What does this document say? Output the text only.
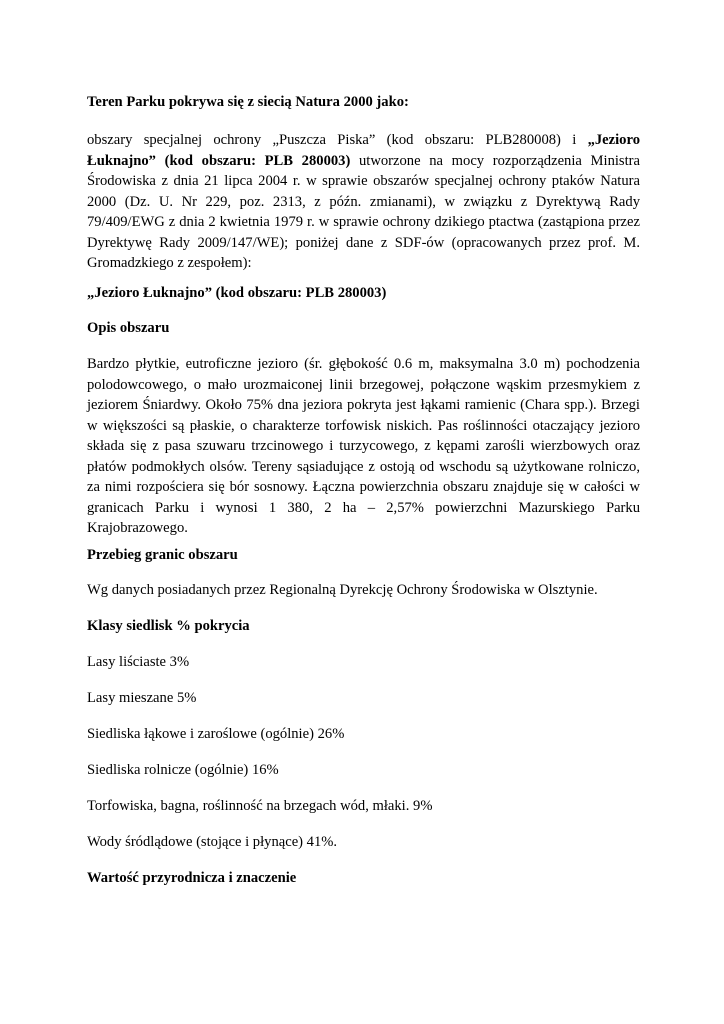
Teren Parku pokrywa się z siecią Natura 2000 jako:

obszary specjalnej ochrony „Puszcza Piska” (kod obszaru: PLB280008) i „Jezioro Łuknajno” (kod obszaru: PLB 280003) utworzone na mocy rozporządzenia Ministra Środowiska z dnia 21 lipca 2004 r. w sprawie obszarów specjalnej ochrony ptaków Natura 2000 (Dz. U. Nr 229, poz. 2313, z późn. zmianami), w związku z Dyrektywą Rady 79/409/EWG z dnia 2 kwietnia 1979 r. w sprawie ochrony dzikiego ptactwa (zastąpiona przez Dyrektywę Rady 2009/147/WE); poniżej dane z SDF-ów (opracowanych przez prof. M. Gromadzkiego z zespołem):

„Jezioro Łuknajno” (kod obszaru: PLB 280003)

Opis obszaru

Bardzo płytkie, eutroficzne jezioro (śr. głębokość 0.6 m, maksymalna 3.0 m) pochodzenia polodowcowego, o mało urozmaiconej linii brzegowej, połączone wąskim przesmykiem z jeziorem Śniardwy. Około 75% dna jeziora pokryta jest łąkami ramienic (Chara spp.). Brzegi w większości są płaskie, o charakterze torfowisk niskich. Pas roślinności otaczający jezioro składa się z pasa szuwaru trzcinowego i turzycowego, z kępami zarośli wierzbowych oraz płatów podmokłych olsów. Tereny sąsiadujące z ostoją od wschodu są użytkowane rolniczo, za nimi rozpościera się bór sosnowy. Łączna powierzchnia obszaru znajduje się w całości w granicach Parku i wynosi 1 380, 2 ha – 2,57% powierzchni Mazurskiego Parku Krajobrazowego.

Przebieg granic obszaru

Wg danych posiadanych przez Regionalną Dyrekcję Ochrony Środowiska w Olsztynie.

Klasy siedlisk % pokrycia

Lasy liściaste 3%

Lasy mieszane 5%

Siedliska łąkowe i zaroślowe (ogólnie) 26%

Siedliska rolnicze (ogólnie) 16%

Torfowiska, bagna, roślinność na brzegach wód, młaki. 9%

Wody śródlądowe (stojące i płynące) 41%.

Wartość przyrodnicza i znaczenie
